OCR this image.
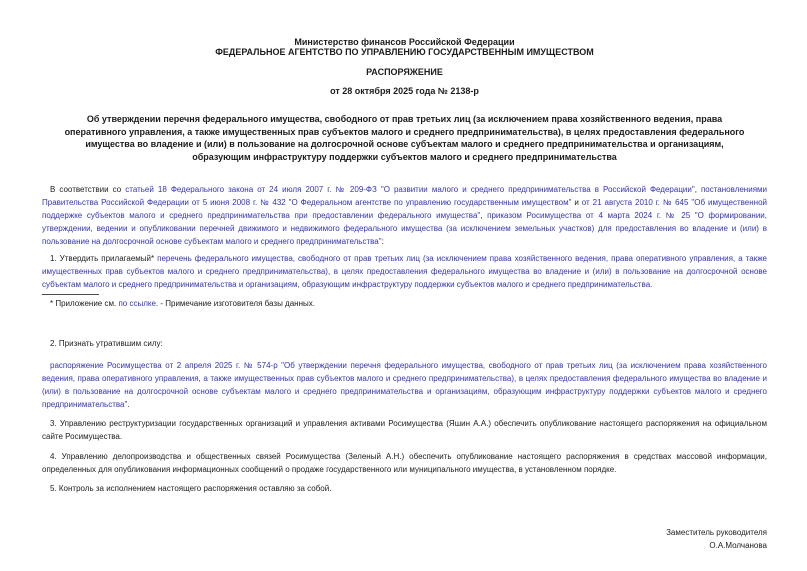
Министерство финансов Российской Федерации
ФЕДЕРАЛЬНОЕ АГЕНТСТВО ПО УПРАВЛЕНИЮ ГОСУДАРСТВЕННЫМ ИМУЩЕСТВОМ
РАСПОРЯЖЕНИЕ
от 28 октября 2025 года № 2138-р
Об утверждении перечня федерального имущества, свободного от прав третьих лиц (за исключением права хозяйственного ведения, права оперативного управления, а также имущественных прав субъектов малого и среднего предпринимательства), в целях предоставления федерального имущества во владение и (или) в пользование на долгосрочной основе субъектам малого и среднего предпринимательства и организациям, образующим инфраструктуру поддержки субъектов малого и среднего предпринимательства
В соответствии со статьей 18 Федерального закона от 24 июля 2007 г. № 209-ФЗ "О развитии малого и среднего предпринимательства в Российской Федерации", постановлениями Правительства Российской Федерации от 5 июня 2008 г. № 432 "О Федеральном агентстве по управлению государственным имуществом" и от 21 августа 2010 г. № 645 "Об имущественной поддержке субъектов малого и среднего предпринимательства при предоставлении федерального имущества", приказом Росимущества от 4 марта 2024 г. № 25 "О формировании, утверждении, ведении и опубликовании перечней движимого и недвижимого федерального имущества (за исключением земельных участков) для предоставления во владение и (или) в пользование на долгосрочной основе субъектам малого и среднего предпринимательства":
1. Утвердить прилагаемый* перечень федерального имущества, свободного от прав третьих лиц (за исключением права хозяйственного ведения, права оперативного управления, а также имущественных прав субъектов малого и среднего предпринимательства), в целях предоставления федерального имущества во владение и (или) в пользование на долгосрочной основе субъектам малого и среднего предпринимательства и организациям, образующим инфраструктуру поддержки субъектов малого и среднего предпринимательства.
* Приложение см. по ссылке. - Примечание изготовителя базы данных.
2. Признать утратившим силу:
распоряжение Росимущества от 2 апреля 2025 г. № 574-р "Об утверждении перечня федерального имущества, свободного от прав третьих лиц (за исключением права хозяйственного ведения, права оперативного управления, а также имущественных прав субъектов малого и среднего предпринимательства), в целях предоставления федерального имущества во владение и (или) в пользование на долгосрочной основе субъектам малого и среднего предпринимательства и организациям, образующим инфраструктуру поддержки субъектов малого и среднего предпринимательства".
3. Управлению реструктуризации государственных организаций и управления активами Росимущества (Яшин А.А.) обеспечить опубликование настоящего распоряжения на официальном сайте Росимущества.
4. Управлению делопроизводства и общественных связей Росимущества (Зеленый А.Н.) обеспечить опубликование настоящего распоряжения в средствах массовой информации, определенных для опубликования информационных сообщений о продаже государственного или муниципального имущества, в установленном порядке.
5. Контроль за исполнением настоящего распоряжения оставляю за собой.
Заместитель руководителя
О.А.Молчанова
